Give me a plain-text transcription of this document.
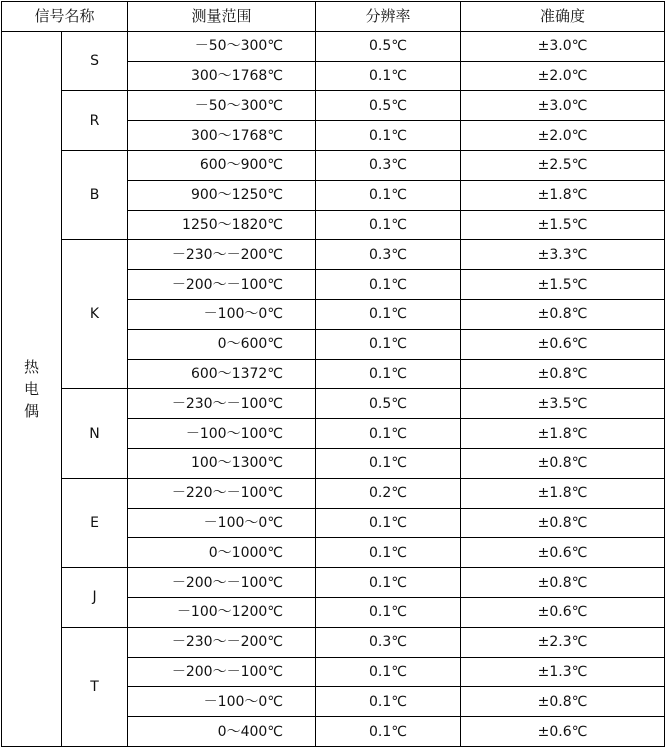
信号名称		测量范围	分辨率	准确度
热电偶	S	－50～300℃	0.5℃	±3.0℃
		300～1768℃	0.1℃	±2.0℃
	R	－50～300℃	0.5℃	±3.0℃
		300～1768℃	0.1℃	±2.0℃
	B	600～900℃	0.3℃	±2.5℃
		900～1250℃	0.1℃	±1.8℃
		1250～1820℃	0.1℃	±1.5℃
	K	－230～－200℃	0.3℃	±3.3℃
		－200～－100℃	0.1℃	±1.5℃
		－100～0℃	0.1℃	±0.8℃
		0～600℃	0.1℃	±0.6℃
		600～1372℃	0.1℃	±0.8℃
	N	－230～－100℃	0.5℃	±3.5℃
		－100～100℃	0.1℃	±1.8℃
		100～1300℃	0.1℃	±0.8℃
	E	－220～－100℃	0.2℃	±1.8℃
		－100～0℃	0.1℃	±0.8℃
		0～1000℃	0.1℃	±0.6℃
	J	－200～－100℃	0.1℃	±0.8℃
		－100～1200℃	0.1℃	±0.6℃
	T	－230～－200℃	0.3℃	±2.3℃
		－200～－100℃	0.1℃	±1.3℃
		－100～0℃	0.1℃	±0.8℃
		0～400℃	0.1℃	±0.6℃
